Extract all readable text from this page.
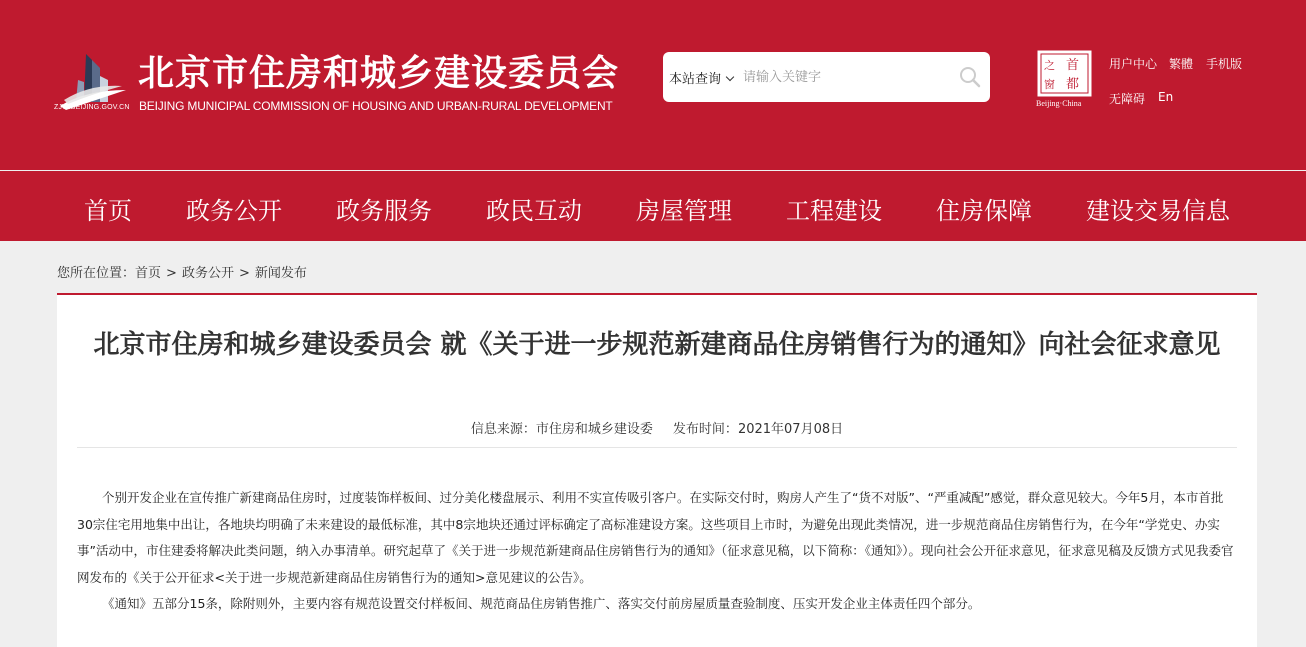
ZJW.BEIJING.GOV.CN
北京市住房和城乡建设委员会
BEIJING MUNICIPAL COMMISSION OF HOUSING AND URBAN-RURAL DEVELOPMENT
本站查询
请输入关键字
首
都
之
窗
Beijing·China
用户中心 繁體 手机版
无障碍 En
首页 政务公开 政务服务 政民互动 房屋管理 工程建设 住房保障 建设交易信息
您所在位置：首页 > 政务公开 > 新闻发布
北京市住房和城乡建设委员会 就《关于进一步规范新建商品住房销售行为的通知》向社会征求意见
信息来源：市住房和城乡建设委 发布时间：2021年07月08日

个别开发企业在宣传推广新建商品住房时，过度装饰样板间、过分美化楼盘展示、利用不实宣传吸引客户。在实际交付时，购房人产生了“货不对版”、“严重减配”感觉，群众意见较大。今年5月，本市首批30宗住宅用地集中出让，各地块均明确了未来建设的最低标准，其中8宗地块还通过评标确定了高标准建设方案。这些项目上市时，为避免出现此类情况，进一步规范商品住房销售行为，在今年“学党史、办实事”活动中，市住建委将解决此类问题，纳入办事清单。研究起草了《关于进一步规范新建商品住房销售行为的通知》（征求意见稿，以下简称：《通知》）。现向社会公开征求意见，征求意见稿及反馈方式见我委官网发布的《关于公开征求<关于进一步规范新建商品住房销售行为的通知>意见建议的公告》。

《通知》五部分15条，除附则外，主要内容有规范设置交付样板间、规范商品住房销售推广、落实交付前房屋质量查验制度、压实开发企业主体责任四个部分。
